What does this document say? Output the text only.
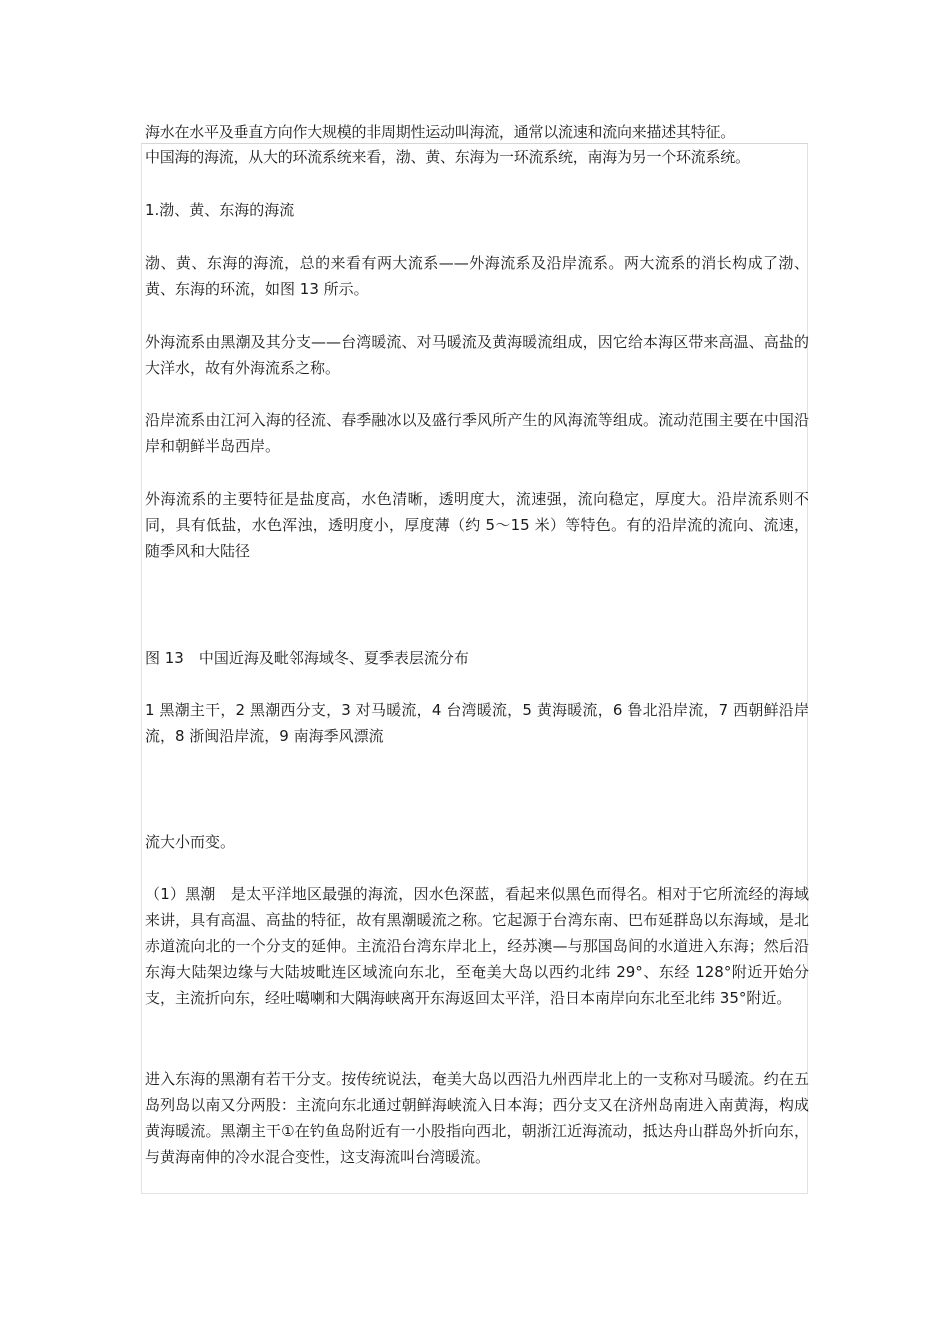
海水在水平及垂直方向作大规模的非周期性运动叫海流，通常以流速和流向来描述其特征。

中国海的海流，从大的环流系统来看，渤、黄、东海为一环流系统，南海为另一个环流系统。

1.渤、黄、东海的海流

渤、黄、东海的海流，总的来看有两大流系——外海流系及沿岸流系。两大流系的消长构成了渤、黄、东海的环流，如图 13 所示。

外海流系由黑潮及其分支——台湾暖流、对马暖流及黄海暖流组成，因它给本海区带来高温、高盐的大洋水，故有外海流系之称。

沿岸流系由江河入海的径流、春季融冰以及盛行季风所产生的风海流等组成。流动范围主要在中国沿岸和朝鲜半岛西岸。

外海流系的主要特征是盐度高，水色清晰，透明度大，流速强，流向稳定，厚度大。沿岸流系则不同，具有低盐，水色浑浊，透明度小，厚度薄（约 5～15 米）等特色。有的沿岸流的流向、流速，随季风和大陆径

图 13　中国近海及毗邻海域冬、夏季表层流分布

1 黑潮主干，2 黑潮西分支，3 对马暖流，4 台湾暖流，5 黄海暖流，6 鲁北沿岸流，7 西朝鲜沿岸流，8 浙闽沿岸流，9 南海季风漂流

流大小而变。

（1）黑潮　是太平洋地区最强的海流，因水色深蓝，看起来似黑色而得名。相对于它所流经的海域来讲，具有高温、高盐的特征，故有黑潮暖流之称。它起源于台湾东南、巴布延群岛以东海域，是北赤道流向北的一个分支的延伸。主流沿台湾东岸北上，经苏澳—与那国岛间的水道进入东海；然后沿东海大陆架边缘与大陆坡毗连区域流向东北，至奄美大岛以西约北纬 29°、东经 128°附近开始分支，主流折向东，经吐噶喇和大隅海峡离开东海返回太平洋，沿日本南岸向东北至北纬 35°附近。

进入东海的黑潮有若干分支。按传统说法，奄美大岛以西沿九州西岸北上的一支称对马暖流。约在五岛列岛以南又分两股：主流向东北通过朝鲜海峡流入日本海；西分支又在济州岛南进入南黄海，构成黄海暖流。黑潮主干①在钓鱼岛附近有一小股指向西北，朝浙江近海流动，抵达舟山群岛外折向东，与黄海南伸的冷水混合变性，这支海流叫台湾暖流。
